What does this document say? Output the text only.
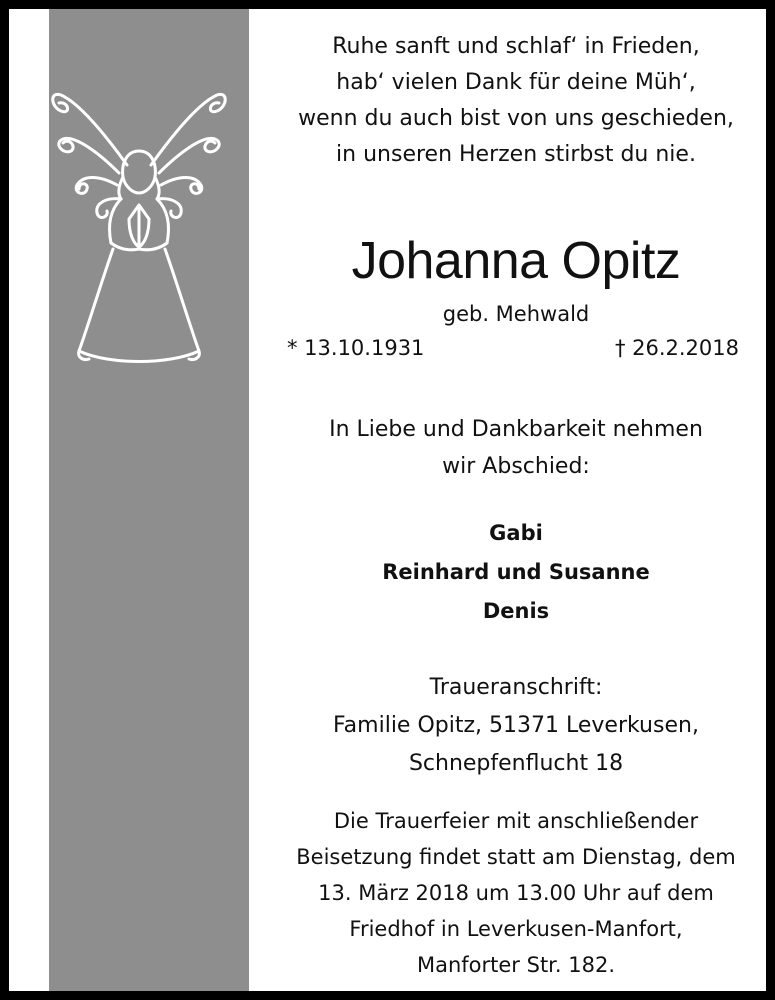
Ruhe sanft und schlaf‘ in Frieden,
hab‘ vielen Dank für deine Müh‘,
wenn du auch bist von uns geschieden,
in unseren Herzen stirbst du nie.
Johanna Opitz
geb. Mehwald
* 13.10.1931	† 26.2.2018
In Liebe und Dankbarkeit nehmen
wir Abschied:
Gabi
Reinhard und Susanne
Denis
Traueranschrift:
Familie Opitz, 51371 Leverkusen,
Schnepfenflucht 18
Die Trauerfeier mit anschließender
Beisetzung findet statt am Dienstag, dem
13. März 2018 um 13.00 Uhr auf dem
Friedhof in Leverkusen-Manfort,
Manforter Str. 182.
